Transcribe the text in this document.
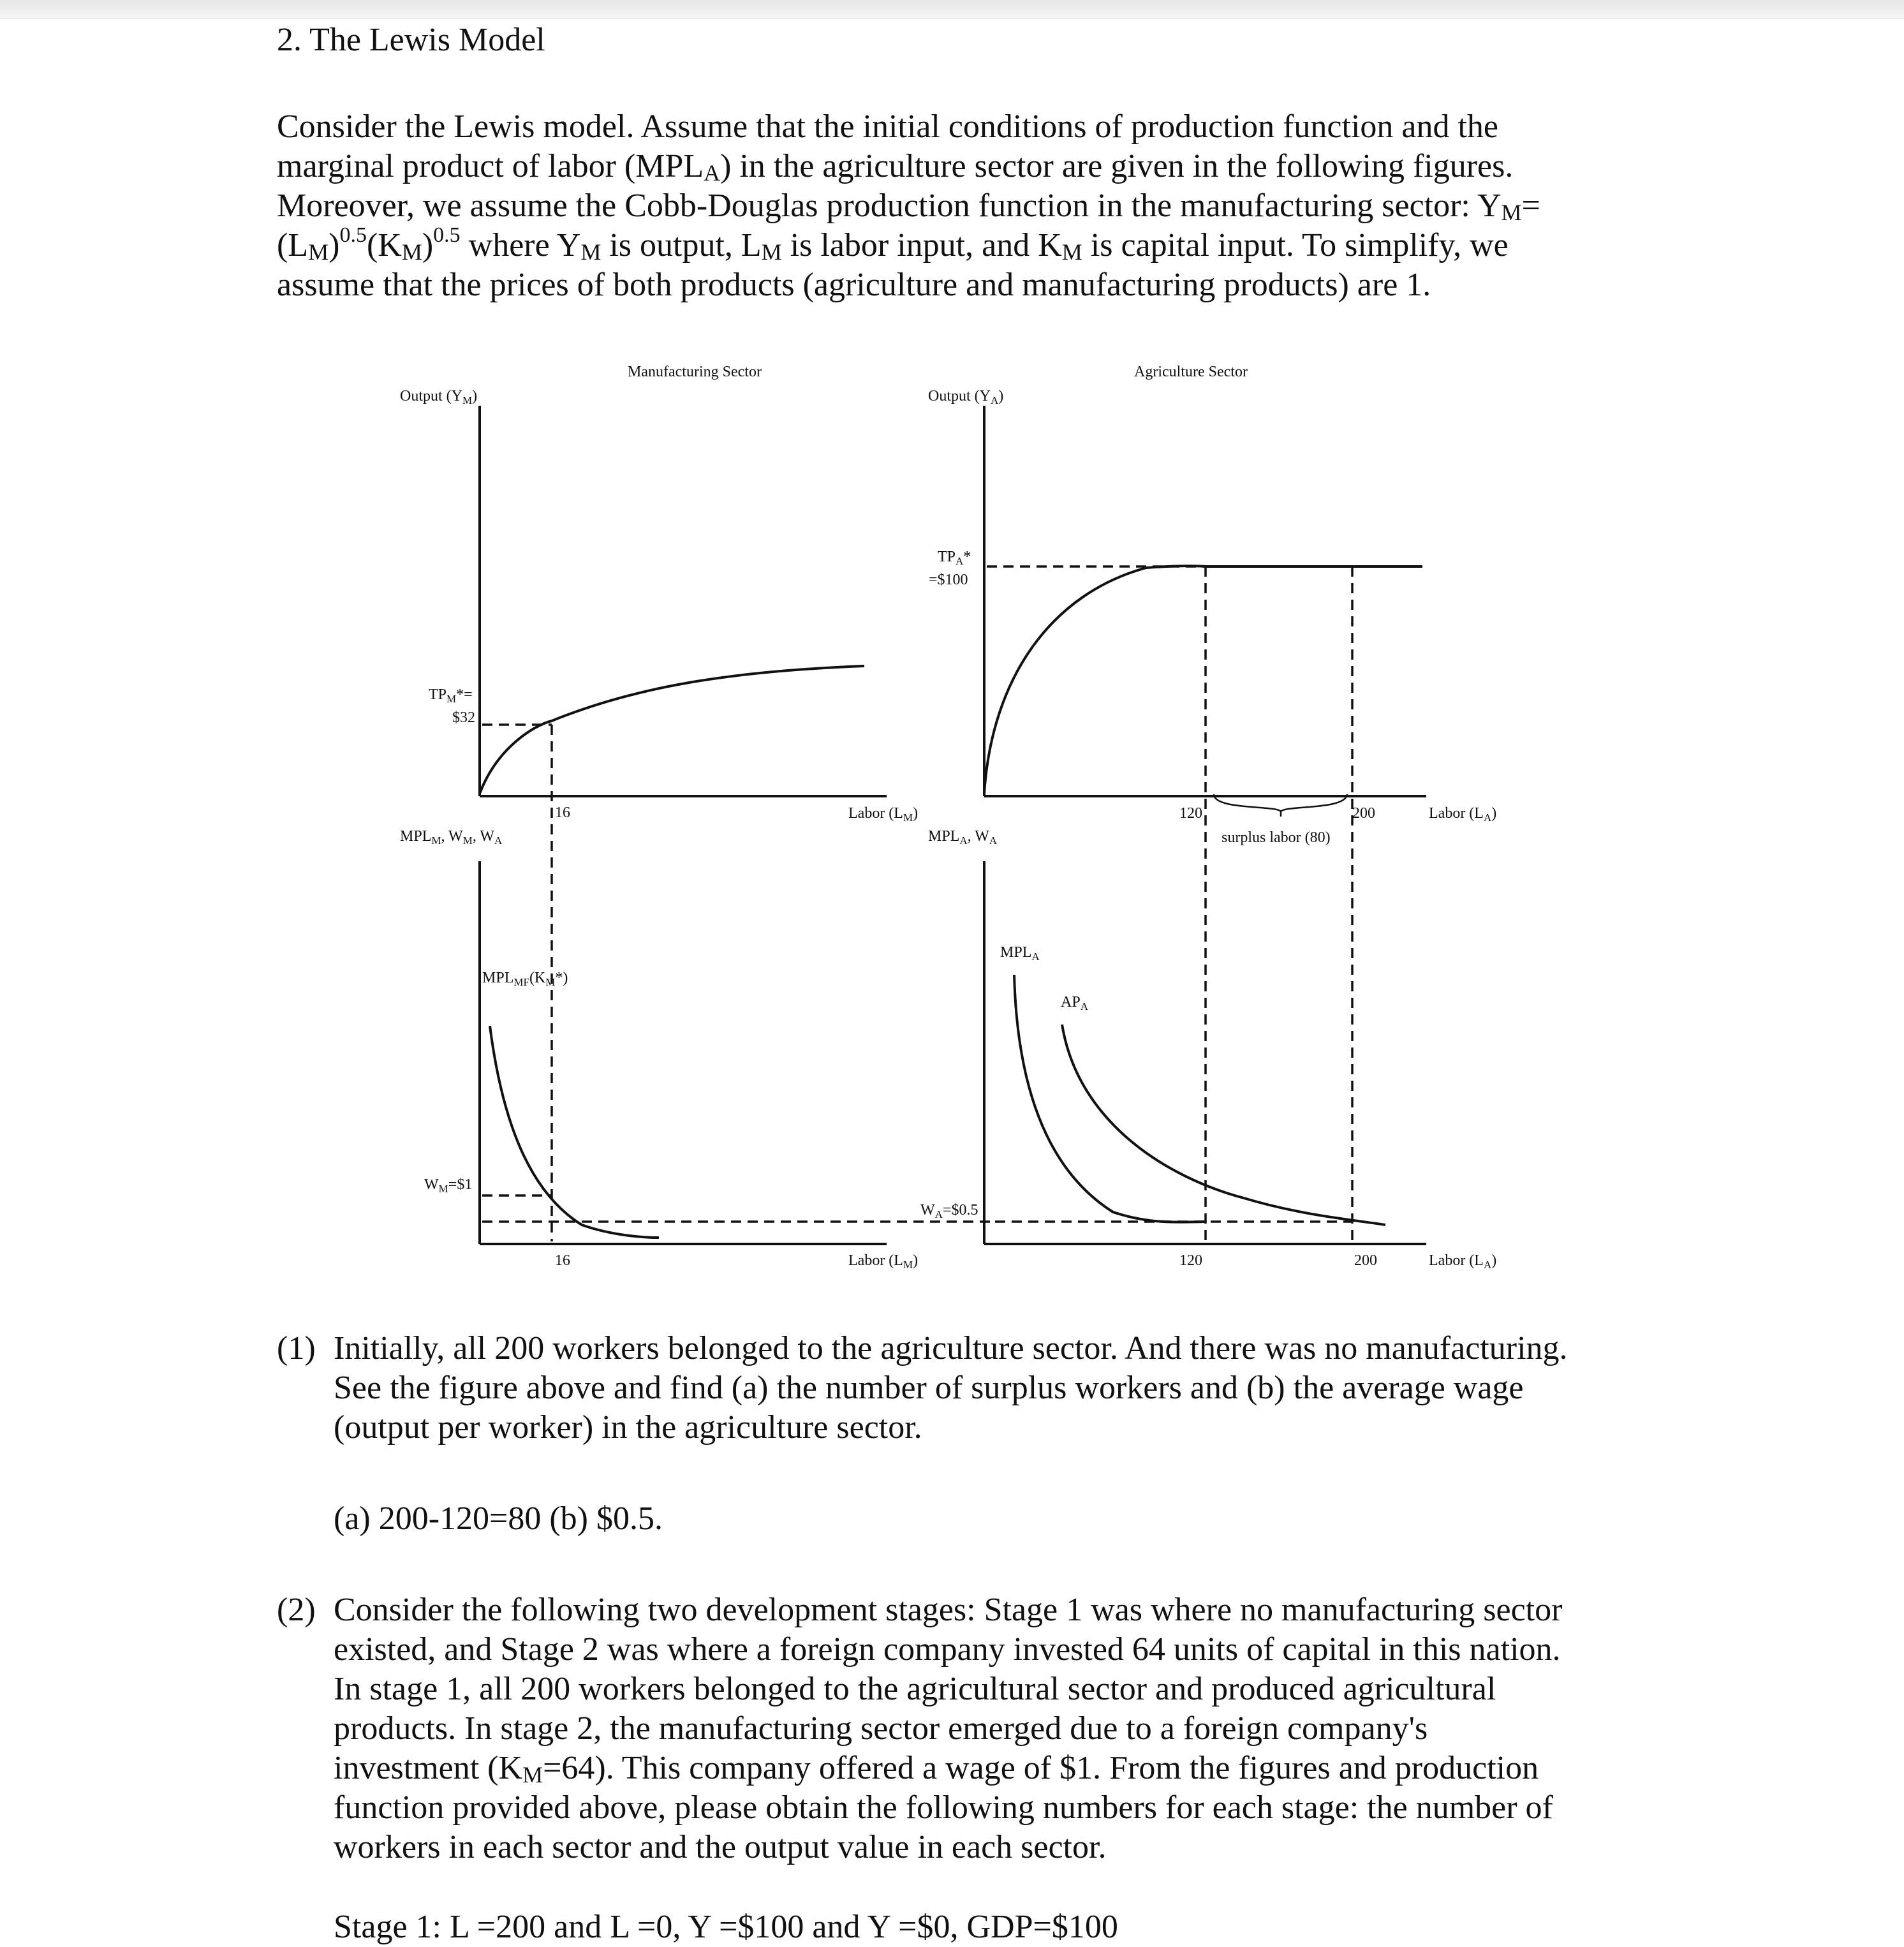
2. The Lewis Model
Consider the Lewis model. Assume that the initial conditions of production function and the
marginal product of labor $(MPL_A)$ in the agriculture sector are given in the following figures.
Moreover, we assume the Cobb-Douglas production function in the manufacturing sector: $Y_M=$
$(L_M)^{0.5}(K_M)^{0.5}$ where $Y_M$ is output, $L_M$ is labor input, and $K_M$ is capital input. To simplify, we
assume that the prices of both products (agriculture and manufacturing products) are 1.
Manufacturing Sector
Output $(Y_M)$
$TP_M*=$
$32
16	Labor $(L_M)$
$MPL_M$, $W_M$, $W_A$
$MPL_{MF}(K_M*)$
$W_M=\$1$
16	Labor $(L_M)$
Agriculture Sector
Output $(Y_A)$
$TP_A*$
=$100
120	200
surplus labor (80)
Labor $(L_A)$
$MPL_A$, $W_A$
$MPL_A$
$AP_A$
$W_A=\$0.5$
120	200	Labor $(L_A)$
(1) Initially, all 200 workers belonged to the agriculture sector. And there was no manufacturing.
See the figure above and find (a) the number of surplus workers and (b) the average wage
(output per worker) in the agriculture sector.
(a) 200-120=80 (b) $0.5.
(2) Consider the following two development stages: Stage 1 was where no manufacturing sector
existed, and Stage 2 was where a foreign company invested 64 units of capital in this nation.
In stage 1, all 200 workers belonged to the agricultural sector and produced agricultural
products. In stage 2, the manufacturing sector emerged due to a foreign company's
investment $(K_M=64)$. This company offered a wage of $1. From the figures and production
function provided above, please obtain the following numbers for each stage: the number of
workers in each sector and the output value in each sector.
Stage 1: L =200 and L =0, Y =$100 and Y =$0, GDP=$100
